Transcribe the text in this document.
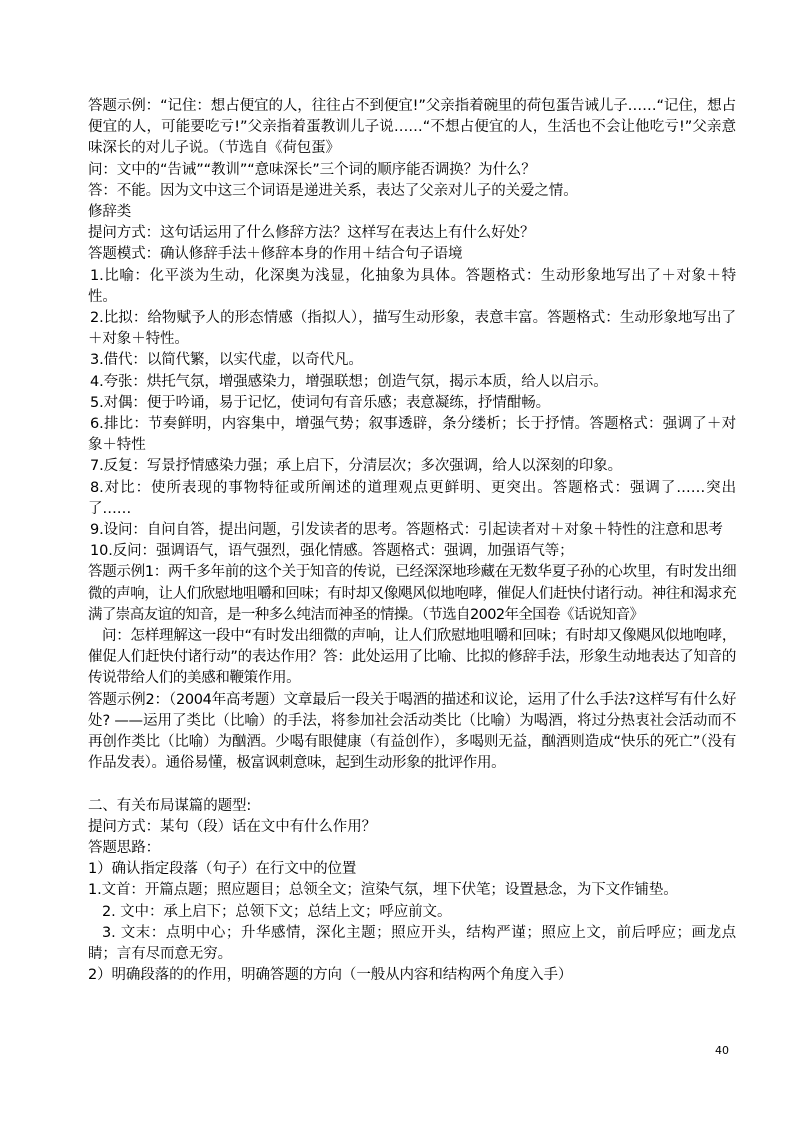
答题示例：“记住：想占便宜的人，往往占不到便宜!”父亲指着碗里的荷包蛋告诫儿子……“记住，想占便宜的人，可能要吃亏!”父亲指着蛋教训儿子说……“不想占便宜的人，生活也不会让他吃亏!”父亲意味深长的对儿子说。（节选自《荷包蛋》

问：文中的“告诫”“教训”“意味深长”三个词的顺序能否调换？为什么？

答：不能。因为文中这三个词语是递进关系，表达了父亲对儿子的关爱之情。

修辞类

提问方式：这句话运用了什么修辞方法？这样写在表达上有什么好处？

答题模式：确认修辞手法＋修辞本身的作用＋结合句子语境

1.比喻：化平淡为生动，化深奥为浅显，化抽象为具体。答题格式：生动形象地写出了＋对象＋特性。

2.比拟：给物赋予人的形态情感（指拟人），描写生动形象，表意丰富。答题格式：生动形象地写出了＋对象＋特性。

3.借代：以简代繁，以实代虚，以奇代凡。

4.夸张：烘托气氛，增强感染力，增强联想；创造气氛，揭示本质，给人以启示。

5.对偶：便于吟诵，易于记忆，使词句有音乐感；表意凝练，抒情酣畅。

6.排比：节奏鲜明，内容集中，增强气势；叙事透辟，条分缕析；长于抒情。答题格式：强调了＋对象＋特性

7.反复：写景抒情感染力强；承上启下，分清层次；多次强调，给人以深刻的印象。

8.对比：使所表现的事物特征或所阐述的道理观点更鲜明、更突出。答题格式：强调了……突出了……

9.设问：自问自答，提出问题，引发读者的思考。答题格式：引起读者对＋对象＋特性的注意和思考

10.反问：强调语气，语气强烈，强化情感。答题格式：强调，加强语气等；

答题示例1：两千多年前的这个关于知音的传说，已经深深地珍藏在无数华夏子孙的心坎里，有时发出细微的声响，让人们欣慰地咀嚼和回味；有时却又像飓风似地咆哮，催促人们赶快付诸行动。神往和渴求充满了崇高友谊的知音，是一种多么纯洁而神圣的情操。（节选自2002年全国卷《话说知音》

问：怎样理解这一段中“有时发出细微的声响，让人们欣慰地咀嚼和回味；有时却又像飓风似地咆哮，催促人们赶快付诸行动”的表达作用？答：此处运用了比喻、比拟的修辞手法，形象生动地表达了知音的传说带给人们的美感和鞭策作用。

答题示例2：（2004年高考题）文章最后一段关于喝酒的描述和议论，运用了什么手法?这样写有什么好处? ——运用了类比（比喻）的手法，将参加社会活动类比（比喻）为喝酒，将过分热衷社会活动而不再创作类比（比喻）为酗酒。少喝有眼健康（有益创作），多喝则无益，酗酒则造成“快乐的死亡”（没有作品发表）。通俗易懂，极富讽刺意味，起到生动形象的批评作用。

二、有关布局谋篇的题型:

提问方式：某句（段）话在文中有什么作用？

答题思路：

1）确认指定段落（句子）在行文中的位置

1.文首：开篇点题；照应题目；总领全文；渲染气氛，埋下伏笔；设置悬念，为下文作铺垫。

2. 文中：承上启下；总领下文；总结上文；呼应前文。

3. 文末：点明中心；升华感情，深化主题；照应开头，结构严谨；照应上文，前后呼应；画龙点睛；言有尽而意无穷。

2）明确段落的的作用，明确答题的方向（一般从内容和结构两个角度入手）

40
